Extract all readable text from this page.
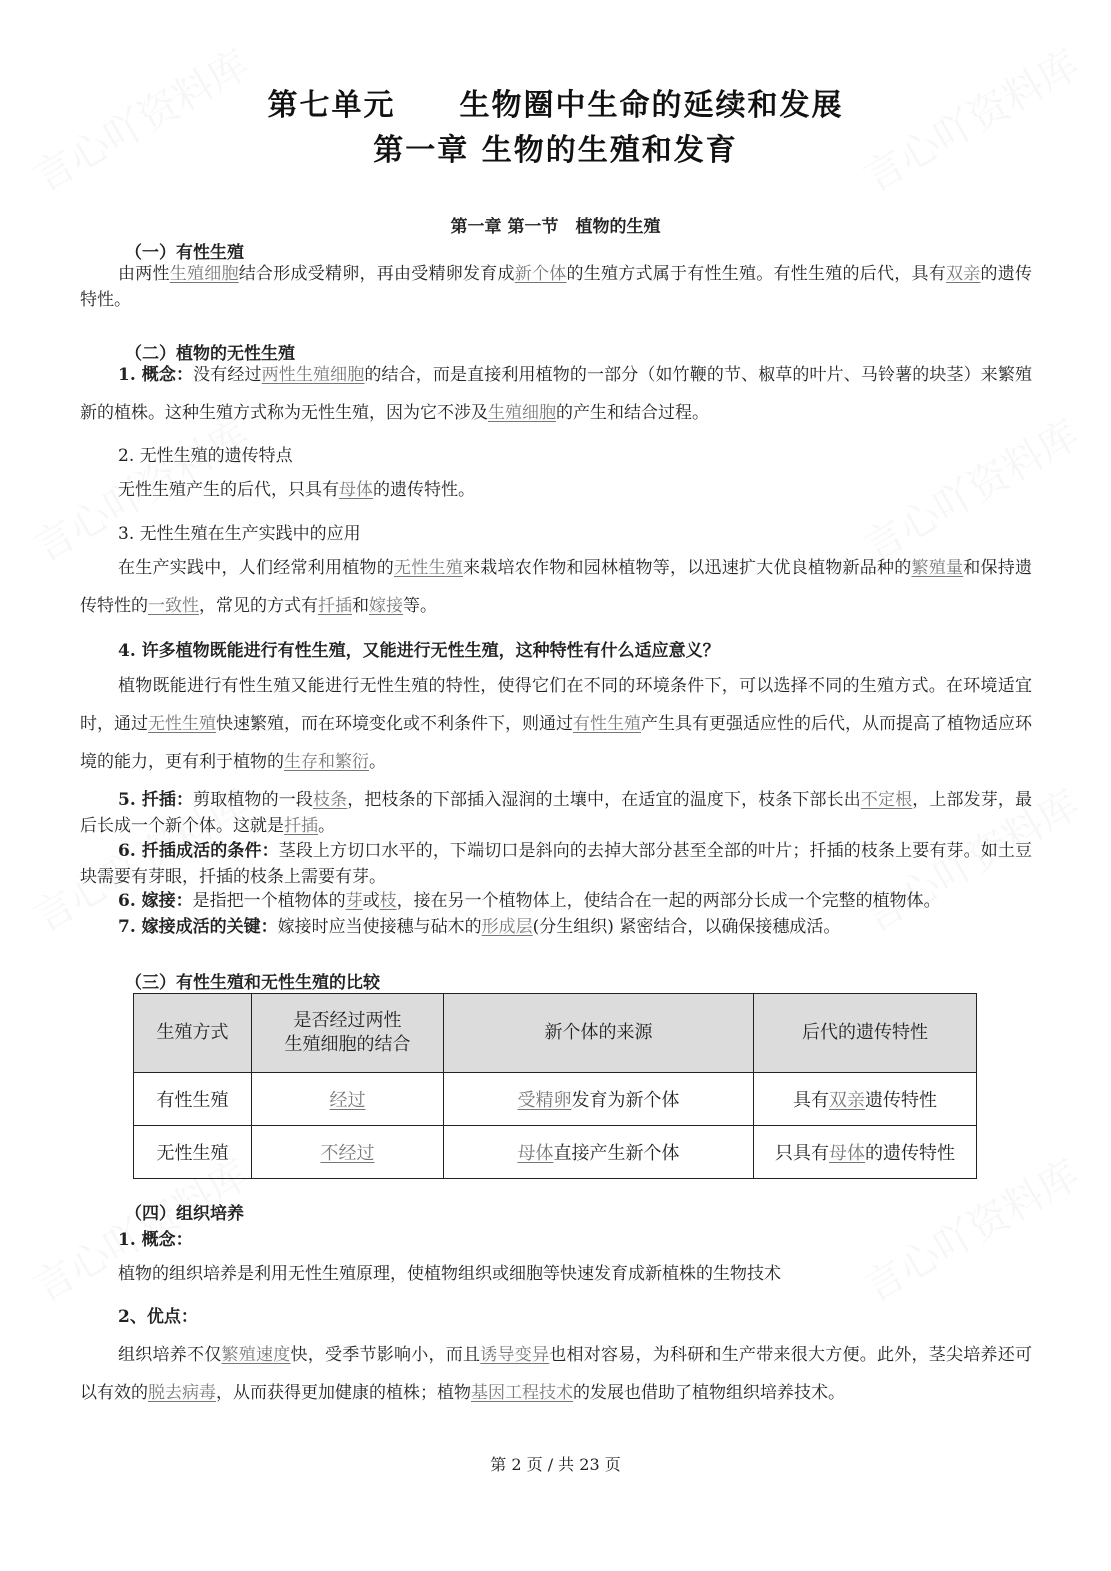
第七单元　　生物圈中生命的延续和发展
第一章 生物的生殖和发育
第一章 第一节　植物的生殖
（一）有性生殖
由两性生殖细胞结合形成受精卵，再由受精卵发育成新个体的生殖方式属于有性生殖。有性生殖的后代，具有双亲的遗传特性。
（二）植物的无性生殖
1. 概念：没有经过两性生殖细胞的结合，而是直接利用植物的一部分（如竹鞭的节、椒草的叶片、马铃薯的块茎）来繁殖新的植株。这种生殖方式称为无性生殖，因为它不涉及生殖细胞的产生和结合过程。
2. 无性生殖的遗传特点
无性生殖产生的后代，只具有母体的遗传特性。
3. 无性生殖在生产实践中的应用
在生产实践中，人们经常利用植物的无性生殖来栽培农作物和园林植物等，以迅速扩大优良植物新品种的繁殖量和保持遗传特性的一致性，常见的方式有扦插和嫁接等。
4. 许多植物既能进行有性生殖，又能进行无性生殖，这种特性有什么适应意义？
植物既能进行有性生殖又能进行无性生殖的特性，使得它们在不同的环境条件下，可以选择不同的生殖方式。在环境适宜时，通过无性生殖快速繁殖，而在环境变化或不利条件下，则通过有性生殖产生具有更强适应性的后代，从而提高了植物适应环境的能力，更有利于植物的生存和繁衍。
5. 扦插：剪取植物的一段枝条，把枝条的下部插入湿润的土壤中，在适宜的温度下，枝条下部长出不定根，上部发芽，最后长成一个新个体。这就是扦插。
6. 扦插成活的条件：茎段上方切口水平的，下端切口是斜向的去掉大部分甚至全部的叶片；扦插的枝条上要有芽。如土豆块需要有芽眼，扦插的枝条上需要有芽。
6. 嫁接：是指把一个植物体的芽或枝，接在另一个植物体上，使结合在一起的两部分长成一个完整的植物体。
7. 嫁接成活的关键：嫁接时应当使接穗与砧木的形成层(分生组织) 紧密结合，以确保接穗成活。
（三）有性生殖和无性生殖的比较
生殖方式	是否经过两性
生殖细胞的结合	新个体的来源	后代的遗传特性
有性生殖	经过	受精卵发育为新个体	具有双亲遗传特性
无性生殖	不经过	母体直接产生新个体	只具有母体的遗传特性
（四）组织培养
1. 概念：
植物的组织培养是利用无性生殖原理，使植物组织或细胞等快速发育成新植株的生物技术
2、优点：
组织培养不仅繁殖速度快，受季节影响小，而且诱导变异也相对容易，为科研和生产带来很大方便。此外，茎尖培养还可以有效的脱去病毒，从而获得更加健康的植株；植物基因工程技术的发展也借助了植物组织培养技术。
第 2 页 / 共 23 页
